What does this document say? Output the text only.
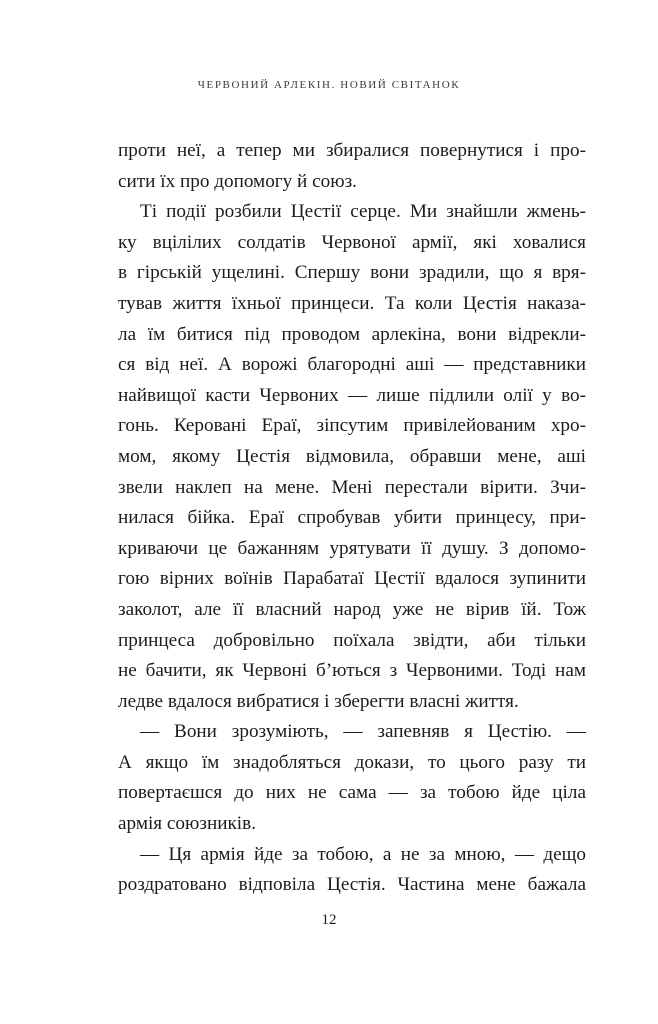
ЧЕРВОНИЙ АРЛЕКІН. НОВИЙ СВІТАНОК
проти неї, а тепер ми збиралися повернутися і про-
сити їх про допомогу й союз.
Ті події розбили Цестії серце. Ми знайшли жмень-
ку вцілілих солдатів Червоної армії, які ховалися
в гірській ущелині. Спершу вони зрадили, що я вря-
тував життя їхньої принцеси. Та коли Цестія наказа-
ла їм битися під проводом арлекіна, вони відрекли-
ся від неї. А ворожі благородні аші — представники
найвищої касти Червоних — лише підлили олії у во-
гонь. Керовані Ераї, зіпсутим привілейованим хро-
мом, якому Цестія відмовила, обравши мене, аші
звели наклеп на мене. Мені перестали вірити. Зчи-
нилася бійка. Ераї спробував убити принцесу, при-
криваючи це бажанням урятувати її душу. З допомо-
гою вірних воїнів Парабатаї Цестії вдалося зупинити
заколот, але її власний народ уже не вірив їй. Тож
принцеса добровільно поїхала звідти, аби тільки
не бачити, як Червоні б’ються з Червоними. Тоді нам
ледве вдалося вибратися і зберегти власні життя.
— Вони зрозуміють, — запевняв я Цестію. —
А якщо їм знадобляться докази, то цього разу ти
повертаєшся до них не сама — за тобою йде ціла
армія союзників.
— Ця армія йде за тобою, а не за мною, — дещо
роздратовано відповіла Цестія. Частина мене бажала
12
